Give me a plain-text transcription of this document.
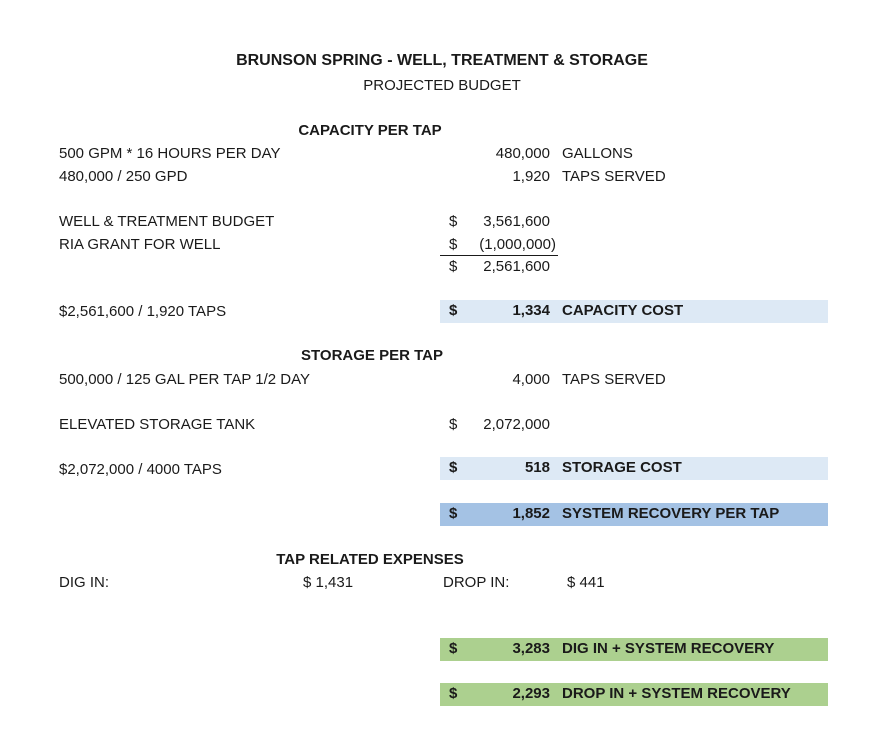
BRUNSON SPRING - WELL, TREATMENT & STORAGE
PROJECTED BUDGET
CAPACITY PER TAP
500 GPM * 16 HOURS PER DAY	480,000 GALLONS
480,000 / 250 GPD	1,920 TAPS SERVED
WELL & TREATMENT BUDGET	$ 3,561,600
RIA GRANT FOR WELL	$ (1,000,000)
$ 2,561,600
$2,561,600 / 1,920 TAPS	$	1,334 CAPACITY COST
STORAGE PER TAP
500,000 / 125 GAL PER TAP 1/2 DAY	4,000 TAPS SERVED
ELEVATED STORAGE TANK	$ 2,072,000
$2,072,000 / 4000 TAPS	$	518 STORAGE COST
$	1,852 SYSTEM RECOVERY PER TAP
TAP RELATED EXPENSES
DIG IN:	$ 1,431	DROP IN:	$ 441
$	3,283 DIG IN + SYSTEM RECOVERY
$	2,293 DROP IN + SYSTEM RECOVERY
